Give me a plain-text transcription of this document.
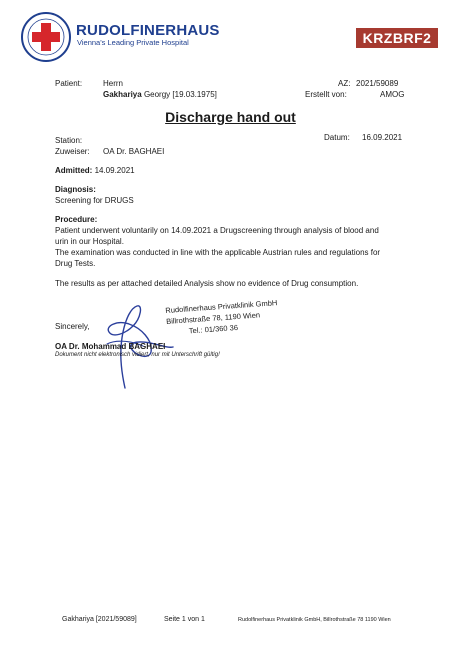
RUDOLFINERHAUS
Vienna's Leading Private Hospital	KRZBRF2
Patient:	Herrn
Gakhariya Georgy [19.03.1975]
AZ: 2021/59089
Erstellt von:	AMOG
Discharge hand out
Station:
Zuweiser: OA Dr. BAGHAEI
Datum: 16.09.2021
Admitted: 14.09.2021
Diagnosis:
Screening for DRUGS
Procedure:
Patient underwent voluntarily on 14.09.2021 a Drugscreening through analysis of blood and
urin in our Hospital.
The examination was conducted in line with the applicable Austrian rules and regulations for
Drug Tests.
The results as per attached detailed Analysis show no evidence of Drug consumption.
Sincerely,
Rudolfinerhaus Privatklinik GmbH
Billrothstraße 78, 1190 Wien
Tel.: 01/360 36
OA Dr. Mohammad BAGHAEI
Dokument nicht elektronisch vidiert, nur mit Unterschrift gültig!
Gakhariya [2021/59089]	Seite 1 von 1	Rudolfinerhaus Privatklinik GmbH, Billrothstraße 78 1190 Wien
